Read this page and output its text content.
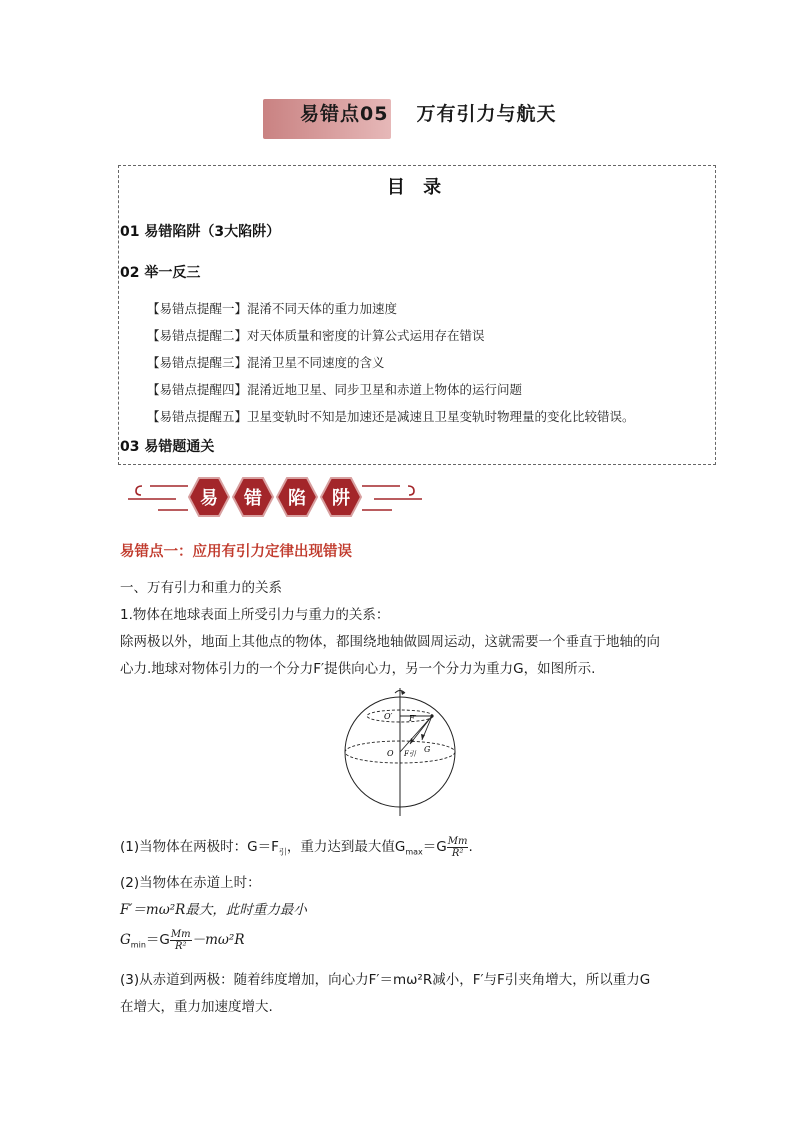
易错点05 万有引力与航天
目 录
01 易错陷阱（3大陷阱）
02 举一反三
【易错点提醒一】混淆不同天体的重力加速度
【易错点提醒二】对天体质量和密度的计算公式运用存在错误
【易错点提醒三】混淆卫星不同速度的含义
【易错点提醒四】混淆近地卫星、同步卫星和赤道上物体的运行问题
【易错点提醒五】卫星变轨时不知是加速还是减速且卫星变轨时物理量的变化比较错误。
03 易错题通关
易 错 陷 阱
易错点一：应用有引力定律出现错误
一、万有引力和重力的关系
1.物体在地球表面上所受引力与重力的关系：
除两极以外，地面上其他点的物体，都围绕地轴做圆周运动，这就需要一个垂直于地轴的向
心力.地球对物体引力的一个分力F′提供向心力，另一个分力为重力G，如图所示.
O′
O
F′
G
F引
(1)当物体在两极时：$G=F_引$，重力达到最大值$G_{max}=G \frac{Mm}{\text{R²}}$ .
(2)当物体在赤道上时：
F′＝mω²R最大，此时重力最小
$G_{min}=G \frac{Mm}{\text{R²}} -m\omega^2R$
(3)从赤道到两极：随着纬度增加，向心力F′＝mω²R减小，F′与F引夹角增大，所以重力G
在增大，重力加速度增大.
